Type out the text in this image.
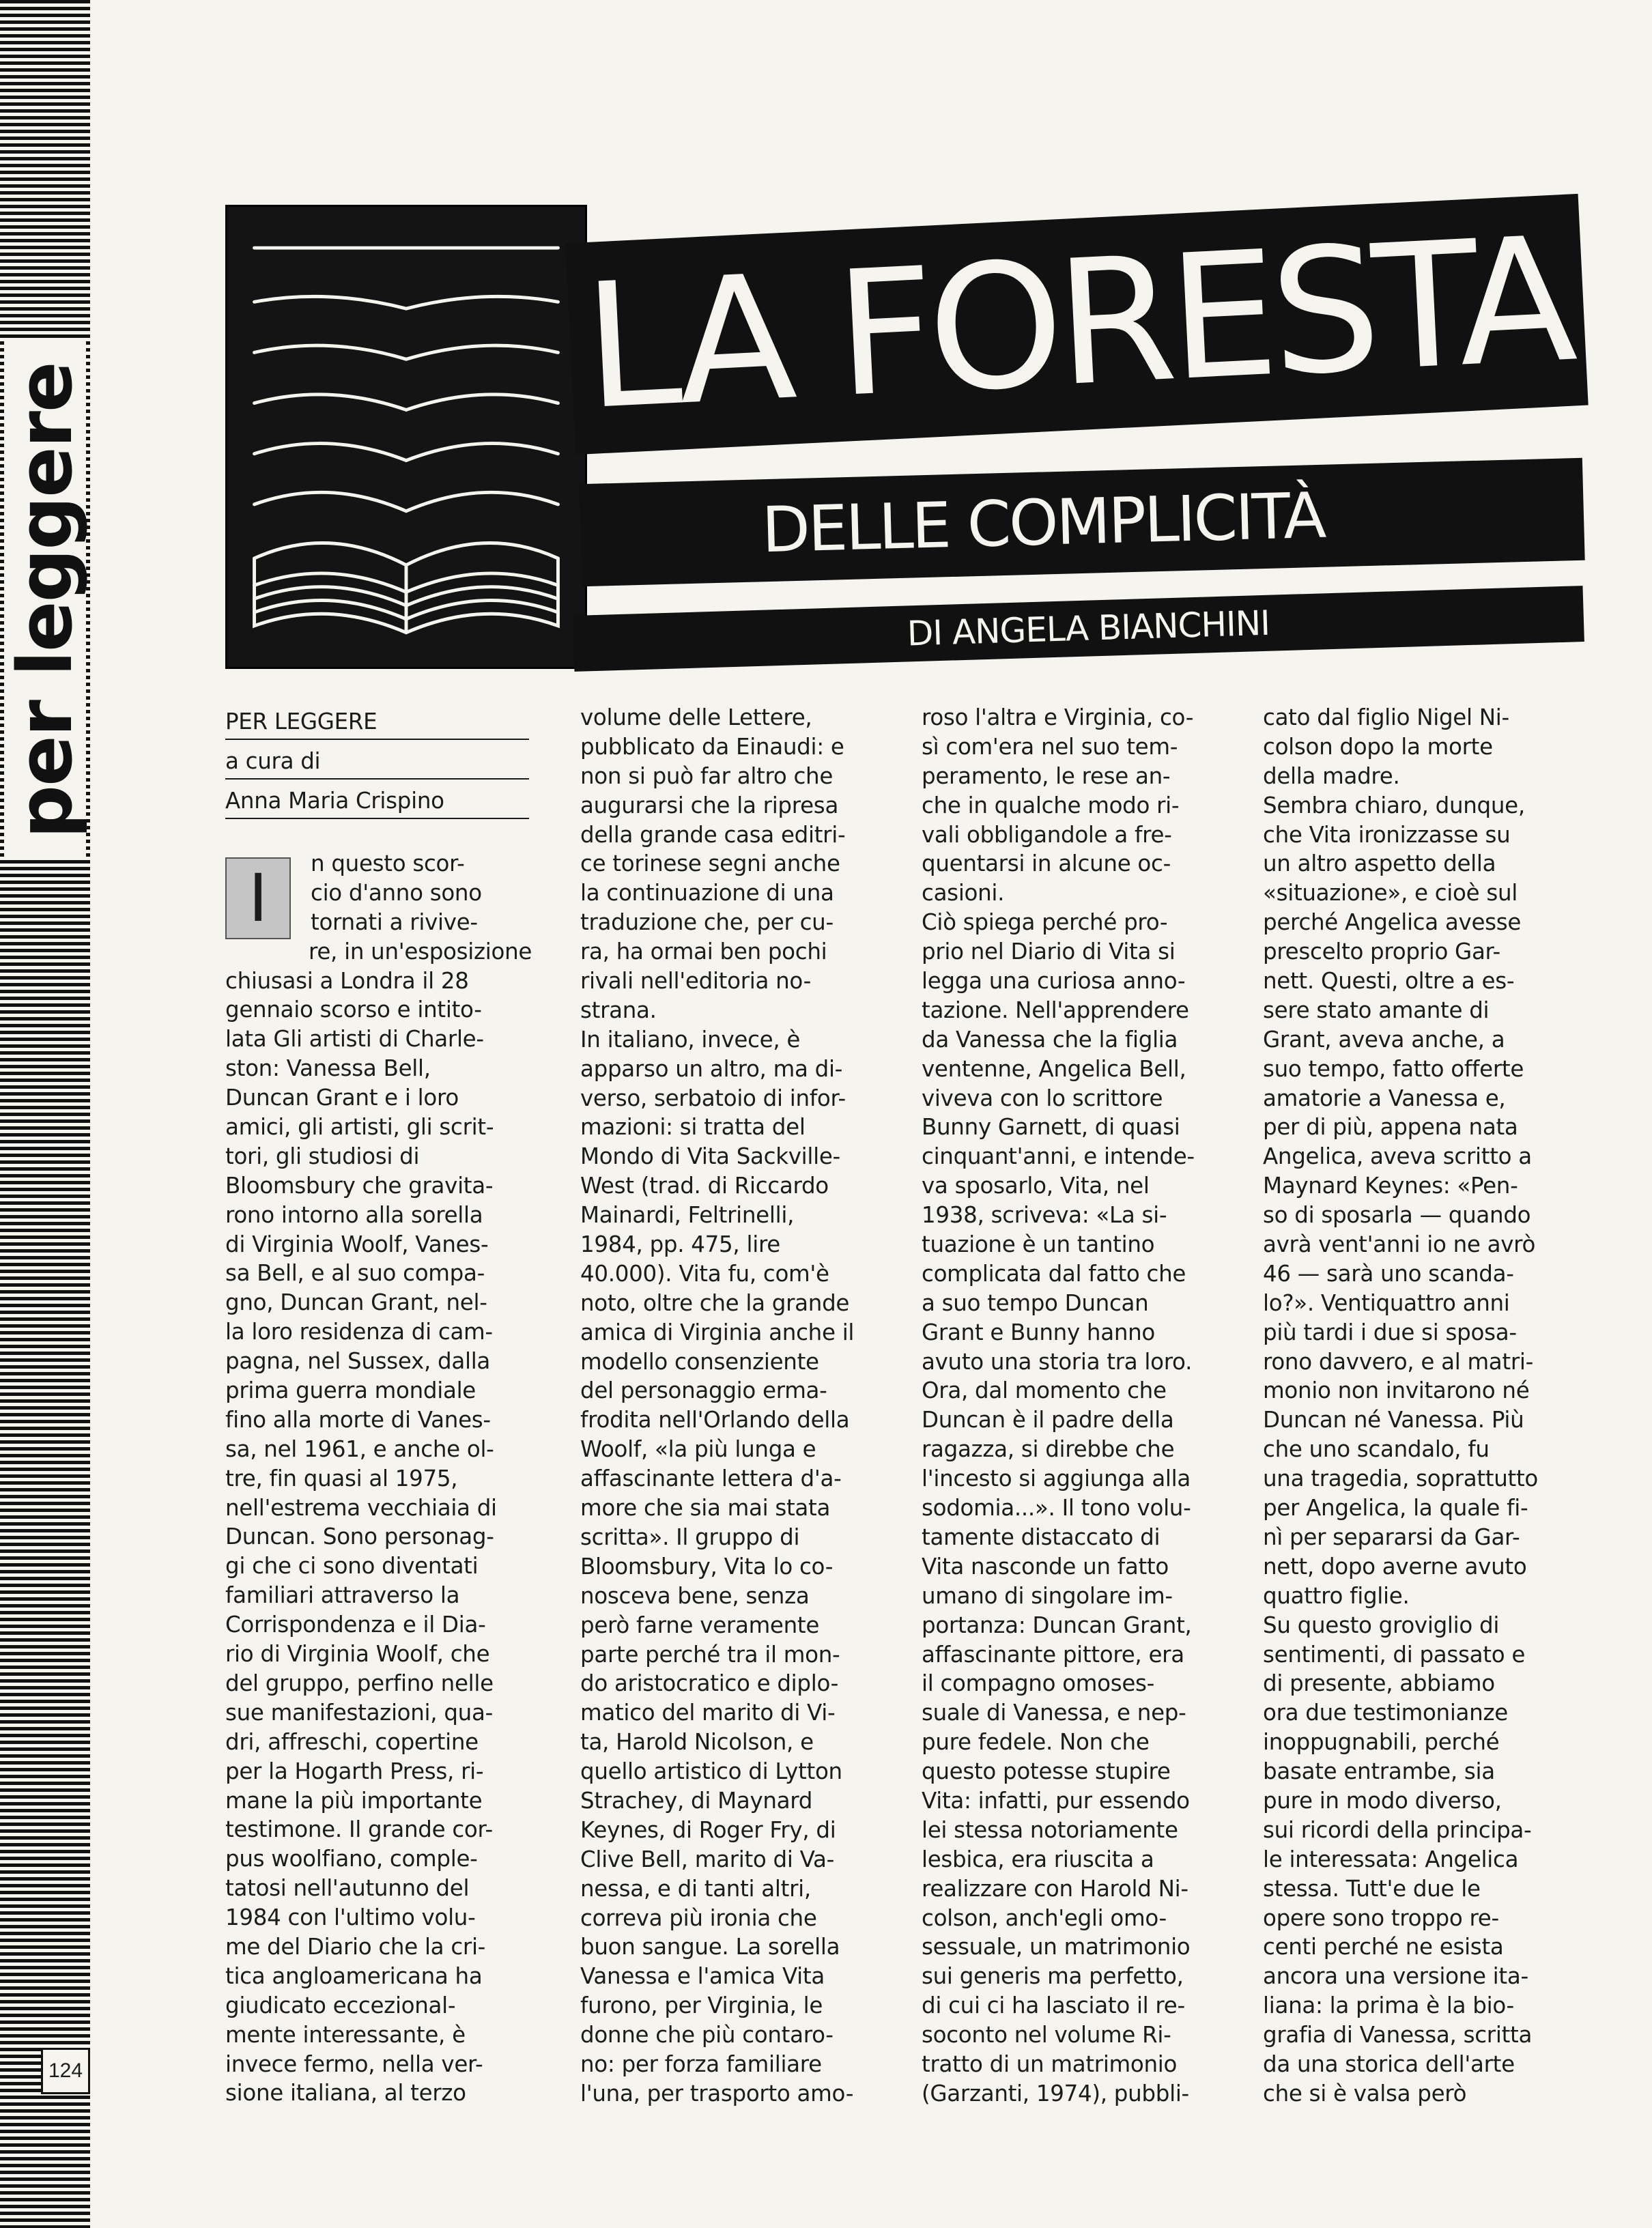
per leggere
124
LA FORESTA
DELLE COMPLICITÀ
DI ANGELA BIANCHINI
PER LEGGERE
a cura di
Anna Maria Crispino
I	n questo scor-
cio d'anno sono
tornati a rivive-
re, in un'esposizione
chiusasi a Londra il 28
gennaio scorso e intito-
lata Gli artisti di Charle-
ston: Vanessa Bell,
Duncan Grant e i loro
amici, gli artisti, gli scrit-
tori, gli studiosi di
Bloomsbury che gravita-
rono intorno alla sorella
di Virginia Woolf, Vanes-
sa Bell, e al suo compa-
gno, Duncan Grant, nel-
la loro residenza di cam-
pagna, nel Sussex, dalla
prima guerra mondiale
fino alla morte di Vanes-
sa, nel 1961, e anche ol-
tre, fin quasi al 1975,
nell'estrema vecchiaia di
Duncan. Sono personag-
gi che ci sono diventati
familiari attraverso la
Corrispondenza e il Dia-
rio di Virginia Woolf, che
del gruppo, perfino nelle
sue manifestazioni, qua-
dri, affreschi, copertine
per la Hogarth Press, ri-
mane la più importante
testimone. Il grande cor-
pus woolfiano, comple-
tatosi nell'autunno del
1984 con l'ultimo volu-
me del Diario che la cri-
tica angloamericana ha
giudicato eccezional-
mente interessante, è
invece fermo, nella ver-
sione italiana, al terzo
volume delle Lettere,
pubblicato da Einaudi: e
non si può far altro che
augurarsi che la ripresa
della grande casa editri-
ce torinese segni anche
la continuazione di una
traduzione che, per cu-
ra, ha ormai ben pochi
rivali nell'editoria no-
strana.
In italiano, invece, è
apparso un altro, ma di-
verso, serbatoio di infor-
mazioni: si tratta del
Mondo di Vita Sackville-
West (trad. di Riccardo
Mainardi, Feltrinelli,
1984, pp. 475, lire
40.000). Vita fu, com'è
noto, oltre che la grande
amica di Virginia anche il
modello consenziente
del personaggio erma-
frodita nell'Orlando della
Woolf, «la più lunga e
affascinante lettera d'a-
more che sia mai stata
scritta». Il gruppo di
Bloomsbury, Vita lo co-
nosceva bene, senza
però farne veramente
parte perché tra il mon-
do aristocratico e diplo-
matico del marito di Vi-
ta, Harold Nicolson, e
quello artistico di Lytton
Strachey, di Maynard
Keynes, di Roger Fry, di
Clive Bell, marito di Va-
nessa, e di tanti altri,
correva più ironia che
buon sangue. La sorella
Vanessa e l'amica Vita
furono, per Virginia, le
donne che più contaro-
no: per forza familiare
l'una, per trasporto amo-
roso l'altra e Virginia, co-
sì com'era nel suo tem-
peramento, le rese an-
che in qualche modo ri-
vali obbligandole a fre-
quentarsi in alcune oc-
casioni.
Ciò spiega perché pro-
prio nel Diario di Vita si
legga una curiosa anno-
tazione. Nell'apprendere
da Vanessa che la figlia
ventenne, Angelica Bell,
viveva con lo scrittore
Bunny Garnett, di quasi
cinquant'anni, e intende-
va sposarlo, Vita, nel
1938, scriveva: «La si-
tuazione è un tantino
complicata dal fatto che
a suo tempo Duncan
Grant e Bunny hanno
avuto una storia tra loro.
Ora, dal momento che
Duncan è il padre della
ragazza, si direbbe che
l'incesto si aggiunga alla
sodomia...». Il tono volu-
tamente distaccato di
Vita nasconde un fatto
umano di singolare im-
portanza: Duncan Grant,
affascinante pittore, era
il compagno omoses-
suale di Vanessa, e nep-
pure fedele. Non che
questo potesse stupire
Vita: infatti, pur essendo
lei stessa notoriamente
lesbica, era riuscita a
realizzare con Harold Ni-
colson, anch'egli omo-
sessuale, un matrimonio
sui generis ma perfetto,
di cui ci ha lasciato il re-
soconto nel volume Ri-
tratto di un matrimonio
(Garzanti, 1974), pubbli-
cato dal figlio Nigel Ni-
colson dopo la morte
della madre.
Sembra chiaro, dunque,
che Vita ironizzasse su
un altro aspetto della
«situazione», e cioè sul
perché Angelica avesse
prescelto proprio Gar-
nett. Questi, oltre a es-
sere stato amante di
Grant, aveva anche, a
suo tempo, fatto offerte
amatorie a Vanessa e,
per di più, appena nata
Angelica, aveva scritto a
Maynard Keynes: «Pen-
so di sposarla — quando
avrà vent'anni io ne avrò
46 — sarà uno scanda-
lo?». Ventiquattro anni
più tardi i due si sposa-
rono davvero, e al matri-
monio non invitarono né
Duncan né Vanessa. Più
che uno scandalo, fu
una tragedia, soprattutto
per Angelica, la quale fi-
nì per separarsi da Gar-
nett, dopo averne avuto
quattro figlie.
Su questo groviglio di
sentimenti, di passato e
di presente, abbiamo
ora due testimonianze
inoppugnabili, perché
basate entrambe, sia
pure in modo diverso,
sui ricordi della principa-
le interessata: Angelica
stessa. Tutt'e due le
opere sono troppo re-
centi perché ne esista
ancora una versione ita-
liana: la prima è la bio-
grafia di Vanessa, scritta
da una storica dell'arte
che si è valsa però
